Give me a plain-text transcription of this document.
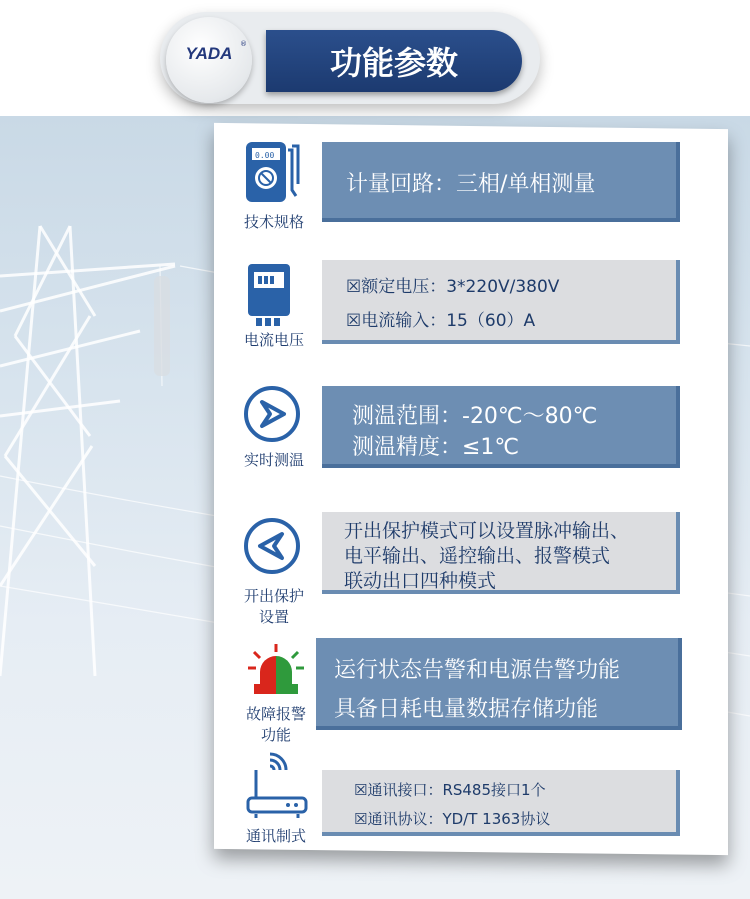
YADA	®	功能参数
0.00
技术规格
计量回路：三相/单相测量
电流电压
☒额定电压：3*220V/380V
☒电流输入：15（60）A
实时测温
测温范围：-20℃～80℃
测温精度：≤1℃
开出保护
设置
开出保护模式可以设置脉冲输出、
电平输出、遥控输出、报警模式
联动出口四种模式
故障报警
功能
运行状态告警和电源告警功能
具备日耗电量数据存储功能
通讯制式
☒通讯接口：RS485接口1个
☒通讯协议：YD/T 1363协议
